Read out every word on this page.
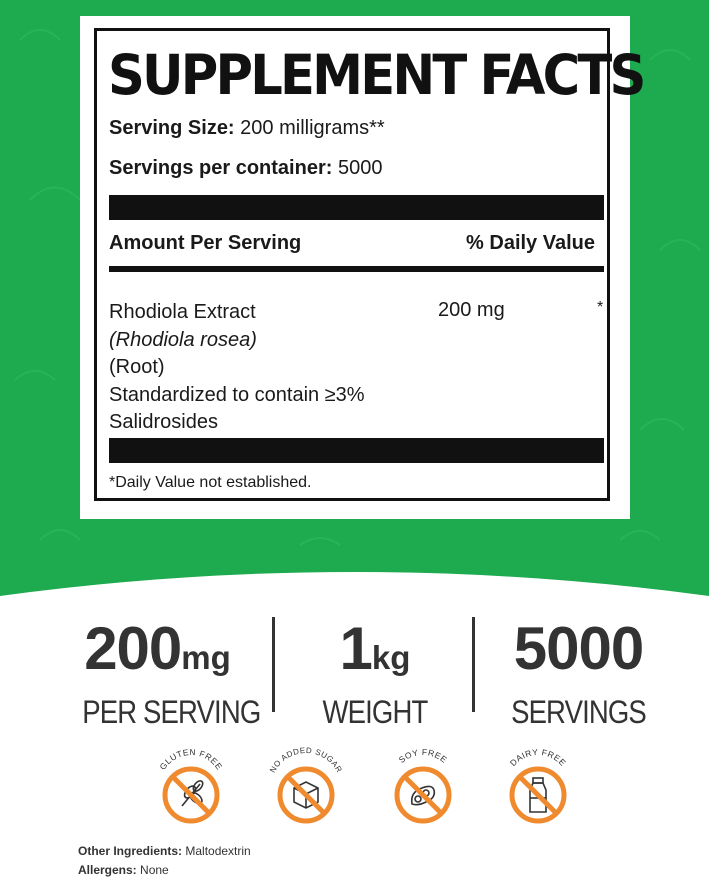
SUPPLEMENT FACTS
Serving Size: 200 milligrams**
Servings per container: 5000
Amount Per Serving	% Daily Value
Rhodiola Extract
(Rhodiola rosea)
(Root)
Standardized to contain ≥3%
Salidrosides
200 mg	*
*Daily Value not established.
200mg
PER SERVING
1kg
WEIGHT
5000
SERVINGS
GLUTEN FREE	NO ADDED SUGAR
SOY FREE	DAIRY FREE
Other Ingredients: Maltodextrin
Allergens: None
